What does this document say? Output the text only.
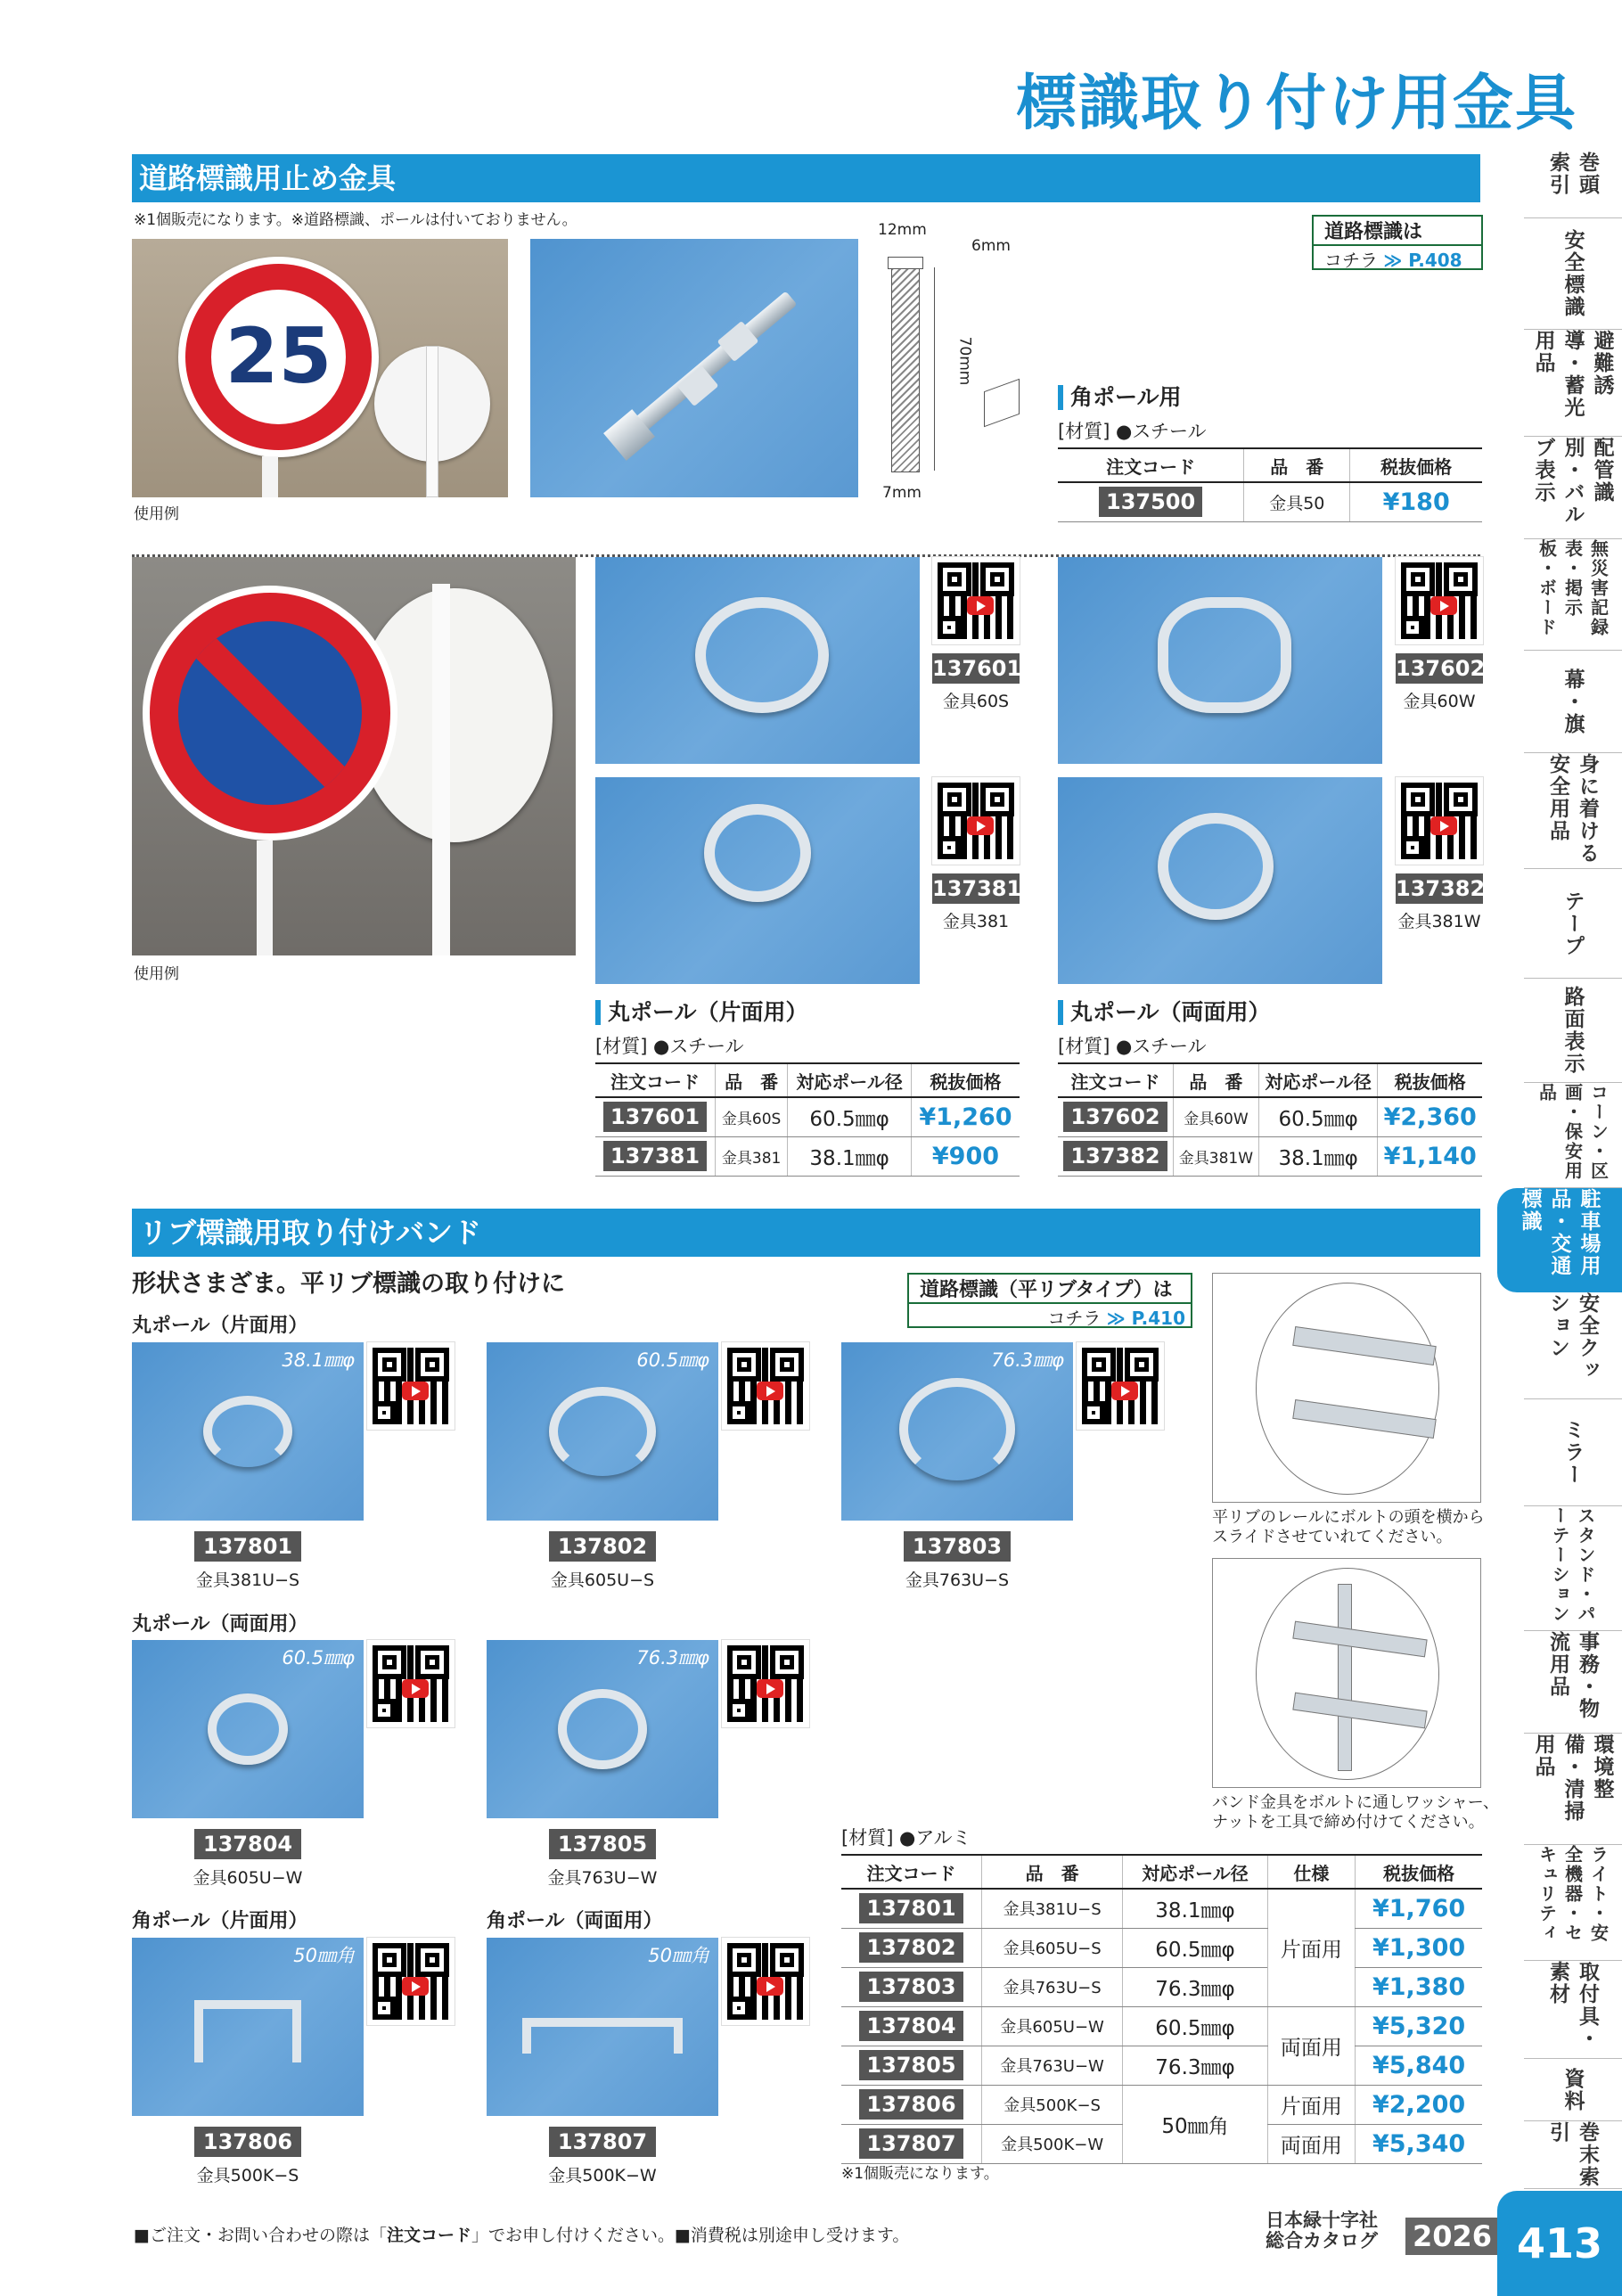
標識取り付け用金具
道路標識用止め金具
※1個販売になります。※道路標識、ポールは付いておりません。
25
使用例
12mm
6mm
70mm
7mm
道路標識は
コチラ ≫ P.408
角ポール用
[材質] ●スチール
注文コード	品　番	税抜価格
137500	金具50	¥180
使用例
137601
金具60S
137602
金具60W
137381
金具381
137382
金具381W
丸ポール（片面用）
[材質] ●スチール
注文コード	品　番	対応ポール径	税抜価格
137601	金具60S	60.5㎜φ	¥1,260
137381	金具381	38.1㎜φ	¥900
丸ポール（両面用）
[材質] ●スチール
注文コード	品　番	対応ポール径	税抜価格
137602	金具60W	60.5㎜φ	¥2,360
137382	金具381W	38.1㎜φ	¥1,140
リブ標識用取り付けバンド
形状さまざま。平リブ標識の取り付けに	道路標識（平リブタイプ）は
コチラ ≫ P.410
丸ポール（片面用）
丸ポール（両面用）
角ポール（片面用）	角ポール（両面用）
38.1㎜φ	60.5㎜φ	76.3㎜φ
60.5㎜φ	76.3㎜φ
50㎜角	50㎜角
137801
金具381U−S
137802
金具605U−S
137803
金具763U−S
137804
金具605U−W
137805
金具763U−W
137806
金具500K−S
137807
金具500K−W
平リブのレールにボルトの頭を横から
スライドさせていれてください。
バンド金具をボルトに通しワッシャー、
ナットを工具で締め付けてください。
[材質] ●アルミ
注文コード	品　番	対応ポール径	仕様	税抜価格
137801	金具381U−S	38.1㎜φ	片面用	¥1,760
137802	金具605U−S	60.5㎜φ		¥1,300
137803	金具763U−S	76.3㎜φ		¥1,380
137804	金具605U−W	60.5㎜φ	両面用	¥5,320
137805	金具763U−W	76.3㎜φ		¥5,840
137806	金具500K−S	50㎜角	片面用	¥2,200
137807	金具500K−W		両面用	¥5,340
※1個販売になります。
巻頭索引
安全標識
避難誘導・蓄光用品
配管識別・バルブ表示
無災害記録表・掲示板・ボード
幕・旗
身に着ける安全用品
テープ
路面表示
コーン・区画・保安用品
駐車場用品・交通標識
安全クッション
ミラー
スタンド・パーテーション
事務・物流用品
環境整備・清掃用品
ライト・安全機器・セキュリティ
取付具・素材
資料
巻末索引
■ご注文・お問い合わせの際は「注文コード」でお申し付けください。■消費税は別途申し受けます。
日本緑十字社
総合カタログ 2026 413
